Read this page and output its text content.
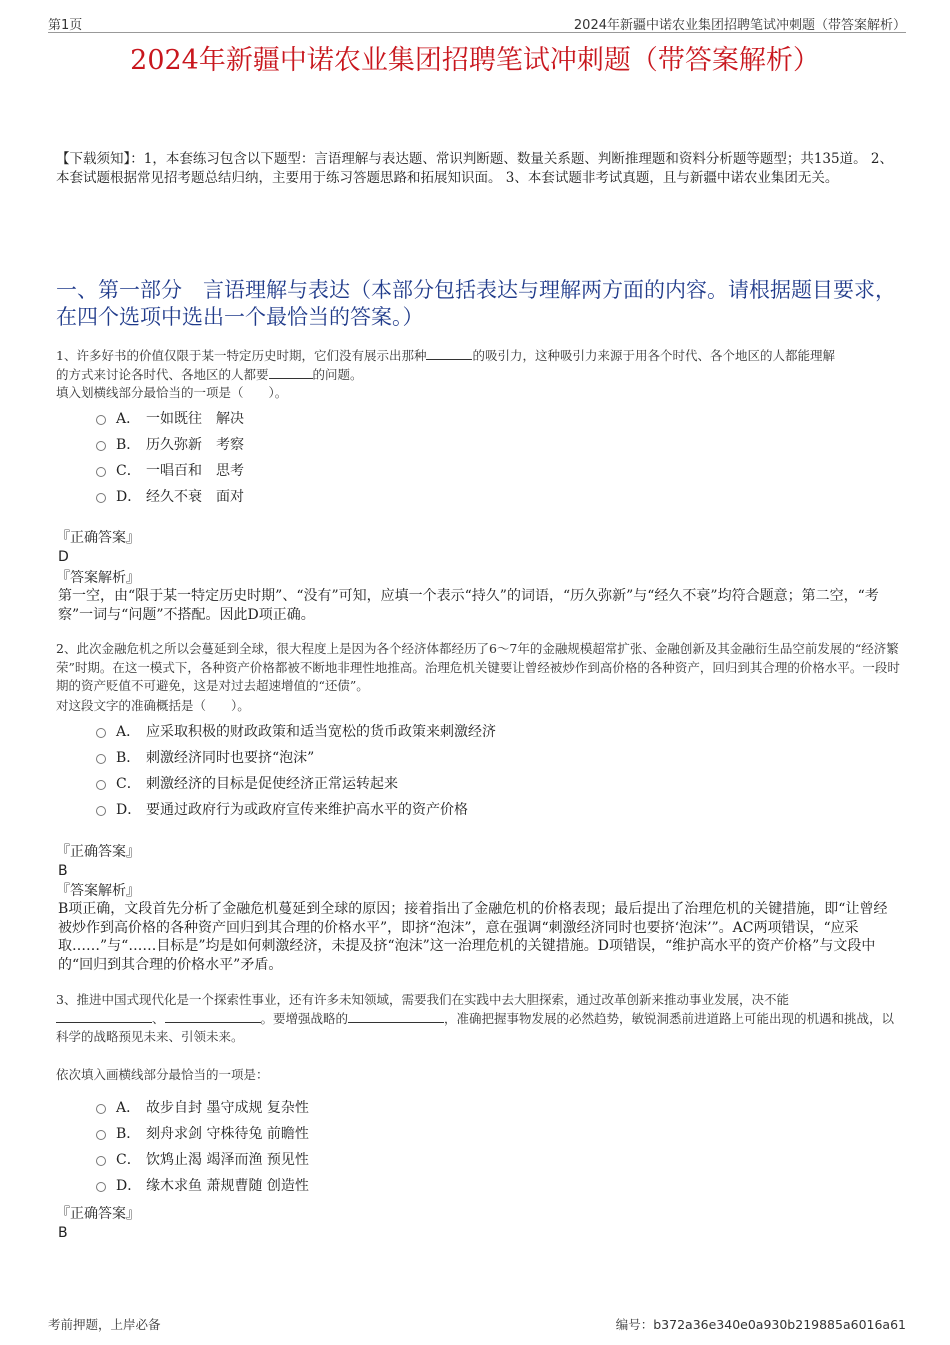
第1页	2024年新疆中诺农业集团招聘笔试冲刺题（带答案解析）
2024年新疆中诺农业集团招聘笔试冲刺题（带答案解析）
【下载须知】：1，本套练习包含以下题型：言语理解与表达题、常识判断题、数量关系题、判断推理题和资料分析题等题型；共135道。 2、本套试题根据常见招考题总结归纳，主要用于练习答题思路和拓展知识面。 3、本套试题非考试真题，且与新疆中诺农业集团无关。
一、第一部分　言语理解与表达（本部分包括表达与理解两方面的内容。请根据题目要求，在四个选项中选出一个最恰当的答案。）
1、许多好书的价值仅限于某一特定历史时期，它们没有展示出那种	的吸引力，这种吸引力来源于用各个时代、各个地区的人都能理解
的方式来讨论各时代、各地区的人都要	的问题。
填入划横线部分最恰当的一项是（　　）。
A． 一如既往　解决
B． 历久弥新　考察
C． 一唱百和　思考
D． 经久不衰　面对
『正确答案』
D
『答案解析』
第一空，由“限于某一特定历史时期”、“没有”可知，应填一个表示“持久”的词语，“历久弥新”与“经久不衰”均符合题意；第二空，“考察”一词与“问题”不搭配。因此D项正确。
2、此次金融危机之所以会蔓延到全球，很大程度上是因为各个经济体都经历了6～7年的金融规模超常扩张、金融创新及其金融衍生品空前发展的“经济繁荣”时期。在这一模式下，各种资产价格都被不断地非理性地推高。治理危机关键要让曾经被炒作到高价格的各种资产，回归到其合理的价格水平。一段时期的资产贬值不可避免，这是对过去超速增值的“还债”。
对这段文字的准确概括是（　　）。
A． 应采取积极的财政政策和适当宽松的货币政策来刺激经济
B． 刺激经济同时也要挤“泡沫”
C． 刺激经济的目标是促使经济正常运转起来
D． 要通过政府行为或政府宣传来维护高水平的资产价格
『正确答案』
B
『答案解析』
B项正确，文段首先分析了金融危机蔓延到全球的原因；接着指出了金融危机的价格表现；最后提出了治理危机的关键措施，即“让曾经被炒作到高价格的各种资产回归到其合理的价格水平”，即挤“泡沫”，意在强调“刺激经济同时也要挤‘泡沫’”。AC两项错误，“应采取……”与“……目标是”均是如何刺激经济，未提及挤“泡沫”这一治理危机的关键措施。D项错误，“维护高水平的资产价格”与文段中的“回归到其合理的价格水平”矛盾。
3、推进中国式现代化是一个探索性事业，还有许多未知领域，需要我们在实践中去大胆探索，通过改革创新来推动事业发展，决不能
、	。要增强战略的	，准确把握事物发展的必然趋势，敏锐洞悉前进道路上可能出现的机遇和挑战，以科学的战略预见未来、引领未来。
依次填入画横线部分最恰当的一项是：
A． 故步自封 墨守成规 复杂性
B． 刻舟求剑 守株待兔 前瞻性
C． 饮鸩止渴 竭泽而渔 预见性
D． 缘木求鱼 萧规曹随 创造性
『正确答案』
B
考前押题，上岸必备	编号：b372a36e340e0a930b219885a6016a61
